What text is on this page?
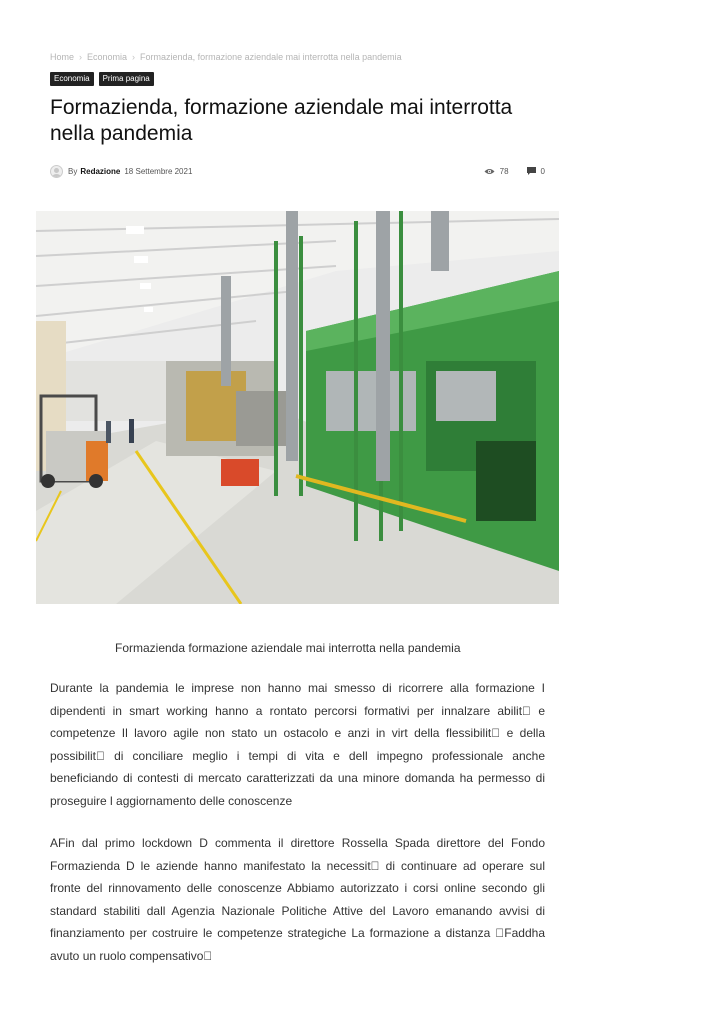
Home › Economia › Formazienda, formazione aziendale mai interrotta nella pandemia
Economia	Prima pagina
Formazienda, formazione aziendale mai interrotta nella pandemia
By Redazione 18 Settembre 2021	78	0
Formazienda formazione aziendale mai interrotta nella pandemia

Durante la pandemia le imprese non hanno mai smesso di ricorrere alla formazione I dipendenti in smart working hanno a rontato percorsi formativi per innalzare abilit  e competenze Il lavoro agile non stato un ostacolo e anzi in virt della flessibilit  e della possibilit  di conciliare meglio i tempi di vita e dell impegno professionale anche beneficiando di contesti di mercato caratterizzati da una minore domanda ha permesso di proseguire l aggiornamento delle conoscenze

AFin dal primo lockdown D commenta il direttore Rossella Spada direttore del Fondo Formazienda D le aziende hanno manifestato la necessit  di continuare ad operare sul fronte del rinnovamento delle conoscenze Abbiamo autorizzato i corsi online secondo gli standard stabiliti dall Agenzia Nazionale Politiche Attive del Lavoro emanando avvisi di finanziamento per costruire le competenze strategiche La formazione a distanza  Faddha avuto un ruolo compensativo 
